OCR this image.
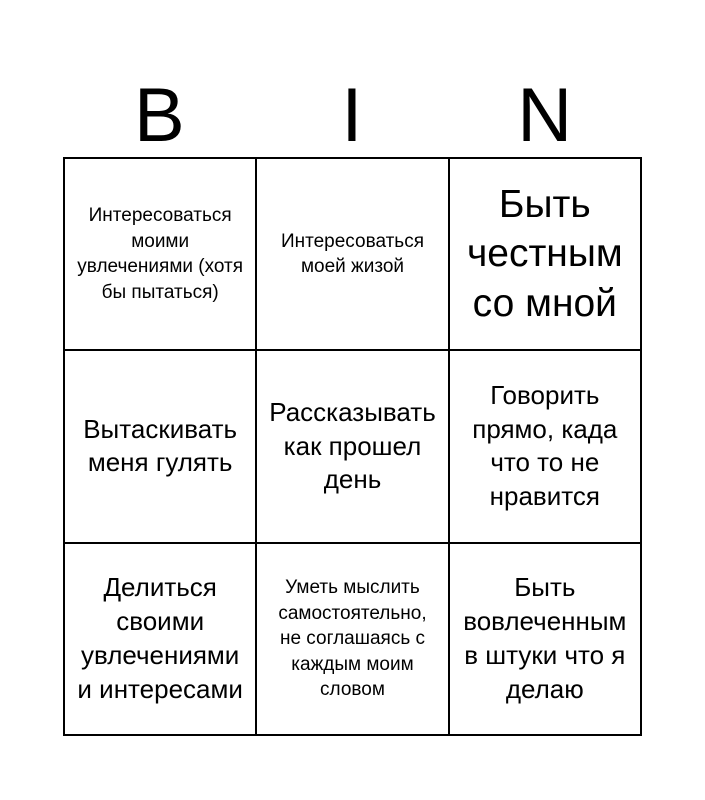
B	I	N
Интересоваться моими увлечениями (хотя бы пытаться)
Интересоваться моей жизой
Быть честным со мной
Вытаскивать меня гулять
Рассказывать как прошел день
Говорить прямо, када что то не нравится
Делиться своими увлечениями и интересами
Уметь мыслить самостоятельно, не соглашаясь с каждым моим словом
Быть вовлеченным в штуки что я делаю
